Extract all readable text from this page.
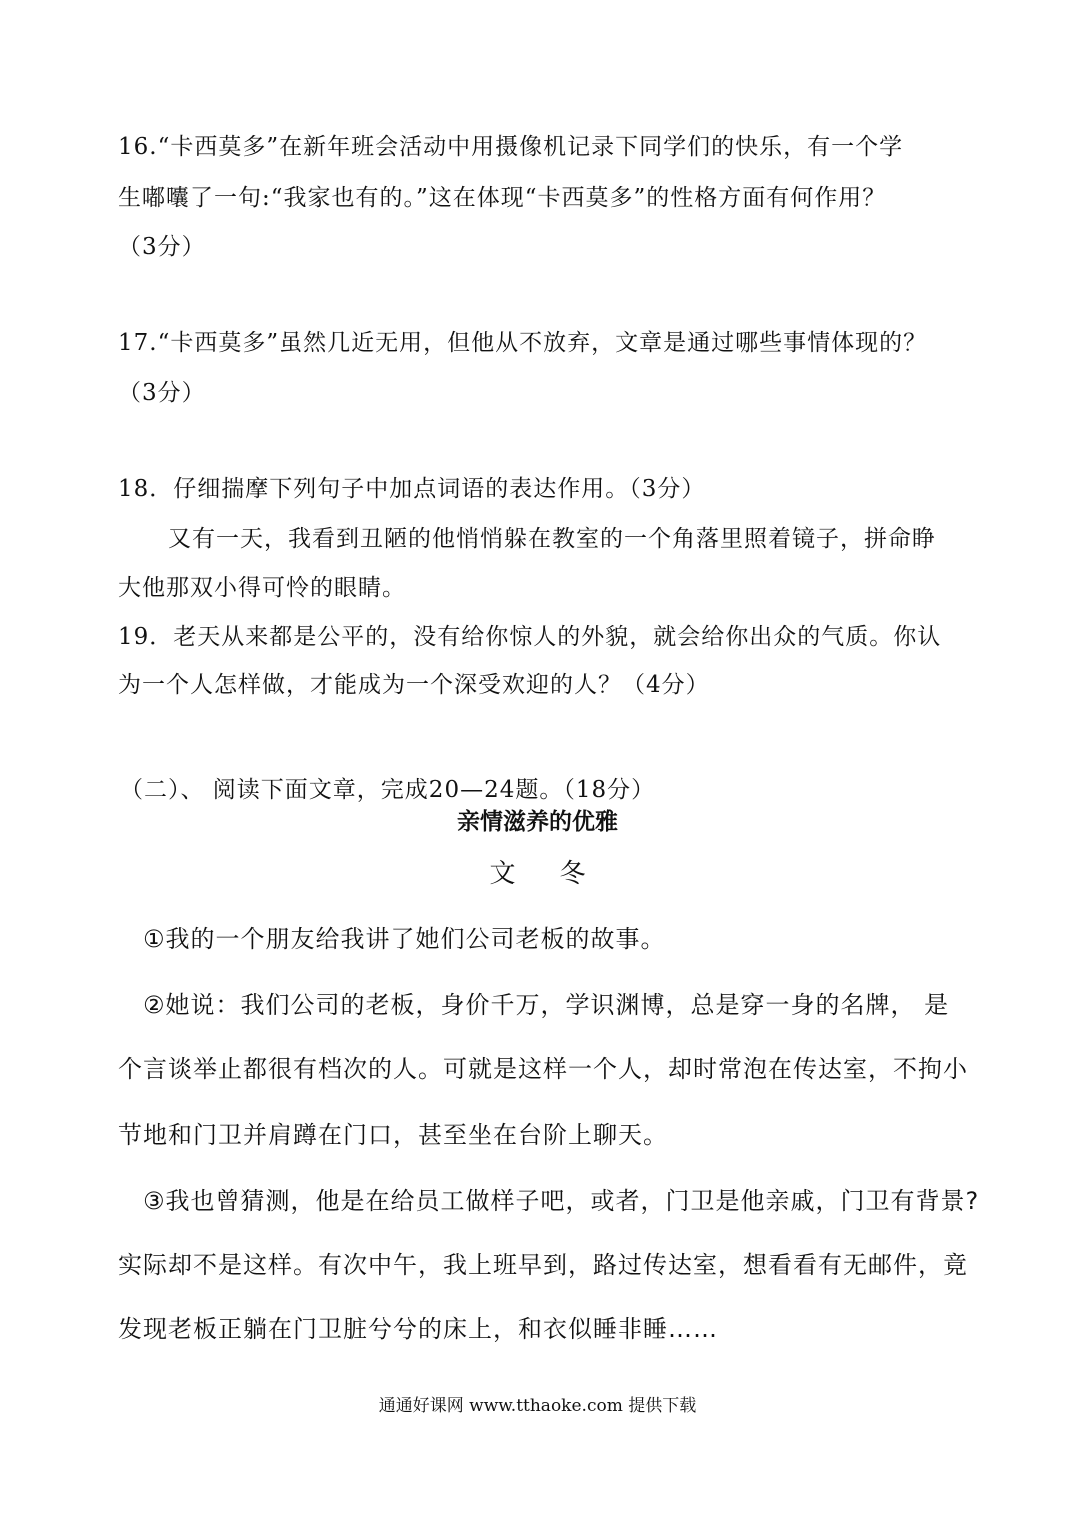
16.“卡西莫多”在新年班会活动中用摄像机记录下同学们的快乐，有一个学
生嘟囔了一句:“我家也有的。”这在体现“卡西莫多”的性格方面有何作用？
（3分）
17.“卡西莫多”虽然几近无用，但他从不放弃，文章是通过哪些事情体现的？
（3分）
18．仔细揣摩下列句子中加点词语的表达作用。（3分）
又有一天，我看到丑陋的他悄悄躲在教室的一个角落里照着镜子，拼命睁
大他那双小得可怜的眼睛。
19．老天从来都是公平的，没有给你惊人的外貌，就会给你出众的气质。你认
为一个人怎样做，才能成为一个深受欢迎的人？（4分）
（二）、 阅读下面文章，完成20—24题。（18分）
亲情滋养的优雅
文冬
①我的一个朋友给我讲了她们公司老板的故事。
②她说：我们公司的老板，身价千万，学识渊博，总是穿一身的名牌， 是
个言谈举止都很有档次的人。可就是这样一个人，却时常泡在传达室，不拘小
节地和门卫并肩蹲在门口，甚至坐在台阶上聊天。
③我也曾猜测，他是在给员工做样子吧，或者，门卫是他亲戚，门卫有背景?
实际却不是这样。有次中午，我上班早到，路过传达室，想看看有无邮件，竟
发现老板正躺在门卫脏兮兮的床上，和衣似睡非睡……
通通好课网 www.tthaoke.com 提供下载
